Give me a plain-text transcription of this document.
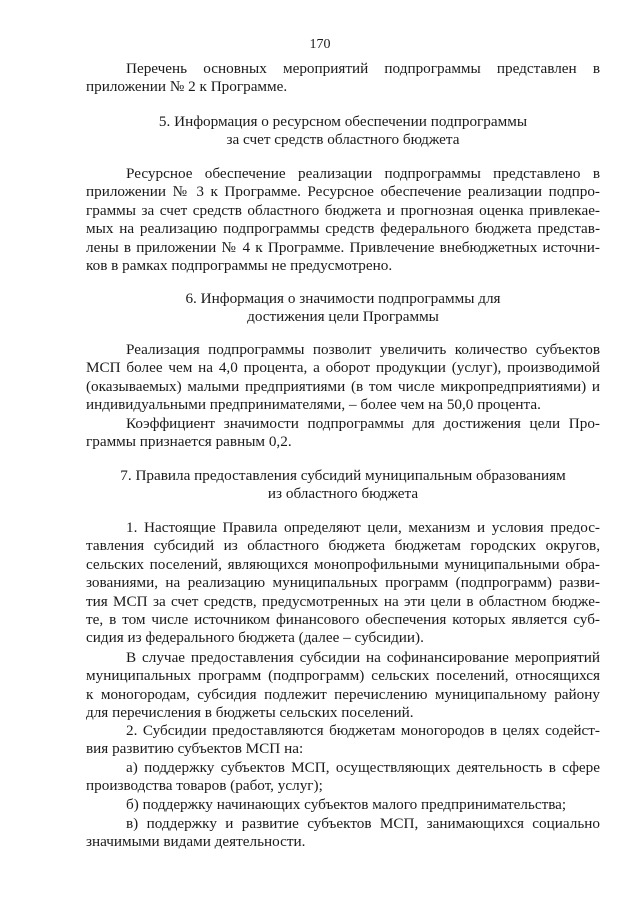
170
Перечень основных мероприятий подпрограммы представлен в
приложении № 2 к Программе.
5. Информация о ресурсном обеспечении подпрограммы
за счет средств областного бюджета
Ресурсное обеспечение реализации подпрограммы представлено в
приложении № 3 к Программе. Ресурсное обеспечение реализации подпро-
граммы за счет средств областного бюджета и прогнозная оценка привлекае-
мых на реализацию подпрограммы средств федерального бюджета представ-
лены в приложении № 4 к Программе. Привлечение внебюджетных источни-
ков в рамках подпрограммы не предусмотрено.
6. Информация о значимости подпрограммы для
достижения цели Программы
Реализация подпрограммы позволит увеличить количество субъектов
МСП более чем на 4,0 процента, а оборот продукции (услуг), производимой
(оказываемых) малыми предприятиями (в том числе микропредприятиями) и
индивидуальными предпринимателями, – более чем на 50,0 процента.
Коэффициент значимости подпрограммы для достижения цели Про-
граммы признается равным 0,2.
7. Правила предоставления субсидий муниципальным образованиям
из областного бюджета
1. Настоящие Правила определяют цели, механизм и условия предос-
тавления субсидий из областного бюджета бюджетам городских округов,
сельских поселений, являющихся монопрофильными муниципальными обра-
зованиями, на реализацию муниципальных программ (подпрограмм) разви-
тия МСП за счет средств, предусмотренных на эти цели в областном бюдже-
те, в том числе источником финансового обеспечения которых является суб-
сидия из федерального бюджета (далее – субсидии).
В случае предоставления субсидии на софинансирование мероприятий
муниципальных программ (подпрограмм) сельских поселений, относящихся
к моногородам, субсидия подлежит перечислению муниципальному району
для перечисления в бюджеты сельских поселений.
2. Субсидии предоставляются бюджетам моногородов в целях содейст-
вия развитию субъектов МСП на:
а) поддержку субъектов МСП, осуществляющих деятельность в сфере
производства товаров (работ, услуг);
б) поддержку начинающих субъектов малого предпринимательства;
в) поддержку и развитие субъектов МСП, занимающихся социально
значимыми видами деятельности.
